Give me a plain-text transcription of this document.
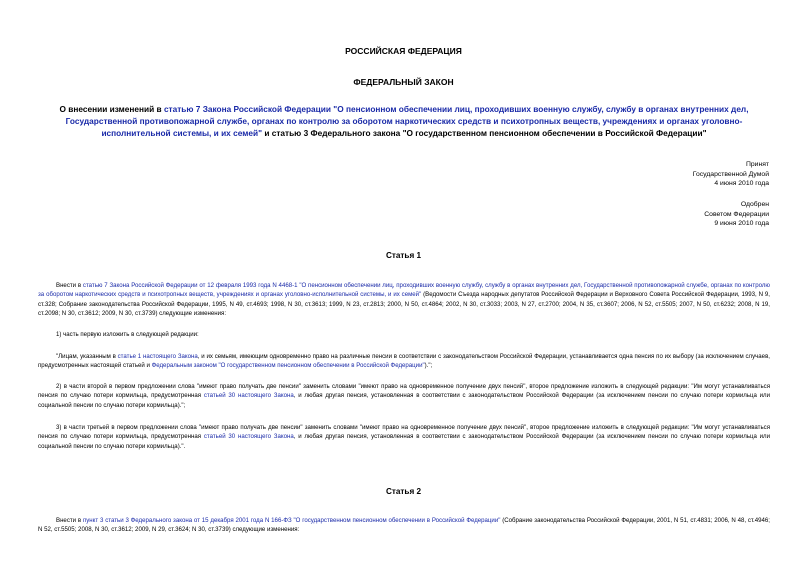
РОССИЙСКАЯ ФЕДЕРАЦИЯ
ФЕДЕРАЛЬНЫЙ ЗАКОН
О внесении изменений в статью 7 Закона Российской Федерации "О пенсионном обеспечении лиц, проходивших военную службу, службу в органах внутренних дел, Государственной противопожарной службе, органах по контролю за оборотом наркотических средств и психотропных веществ, учреждениях и органах уголовно-исполнительной системы, и их семей" и статью 3 Федерального закона "О государственном пенсионном обеспечении в Российской Федерации"
Принят
Государственной Думой
4 июня 2010 года
Одобрен
Советом Федерации
9 июня 2010 года
Статья 1
Внести в статью 7 Закона Российской Федерации от 12 февраля 1993 года N 4468-1 "О пенсионном обеспечении лиц, проходивших военную службу, службу в органах внутренних дел, Государственной противопожарной службе, органах по контролю за оборотом наркотических средств и психотропных веществ, учреждениях и органах уголовно-исполнительной системы, и их семей" (Ведомости Съезда народных депутатов Российской Федерации и Верховного Совета Российской Федерации, 1993, N 9, ст.328; Собрание законодательства Российской Федерации, 1995, N 49, ст.4693; 1998, N 30, ст.3613; 1999, N 23, ст.2813; 2000, N 50, ст.4864; 2002, N 30, ст.3033; 2003, N 27, ст.2700; 2004, N 35, ст.3607; 2006, N 52, ст.5505; 2007, N 50, ст.6232; 2008, N 19, ст.2098; N 30, ст.3612; 2009, N 30, ст.3739) следующие изменения:
1) часть первую изложить в следующей редакции:
"Лицам, указанным в статье 1 настоящего Закона, и их семьям, имеющим одновременно право на различные пенсии в соответствии с законодательством Российской Федерации, устанавливается одна пенсия по их выбору (за исключением случаев, предусмотренных настоящей статьей и Федеральным законом "О государственном пенсионном обеспечении в Российской Федерации").";
2) в части второй в первом предложении слова "имеют право получать две пенсии" заменить словами "имеют право на одновременное получение двух пенсий", второе предложение изложить в следующей редакции: "Им могут устанавливаться пенсия по случаю потери кормильца, предусмотренная статьей 30 настоящего Закона, и любая другая пенсия, установленная в соответствии с законодательством Российской Федерации (за исключением пенсии по случаю потери кормильца или социальной пенсии по случаю потери кормильца).";
3) в части третьей в первом предложении слова "имеют право получать две пенсии" заменить словами "имеют право на одновременное получение двух пенсий", второе предложение изложить в следующей редакции: "Им могут устанавливаться пенсия по случаю потери кормильца, предусмотренная статьей 30 настоящего Закона, и любая другая пенсия, установленная в соответствии с законодательством Российской Федерации (за исключением пенсии по случаю потери кормильца или социальной пенсии по случаю потери кормильца).".
Статья 2
Внести в пункт 3 статьи 3 Федерального закона от 15 декабря 2001 года N 166-ФЗ "О государственном пенсионном обеспечении в Российской Федерации" (Собрание законодательства Российской Федерации, 2001, N 51, ст.4831; 2006, N 48, ст.4946; N 52, ст.5505; 2008, N 30, ст.3612; 2009, N 29, ст.3624; N 30, ст.3739) следующие изменения:
